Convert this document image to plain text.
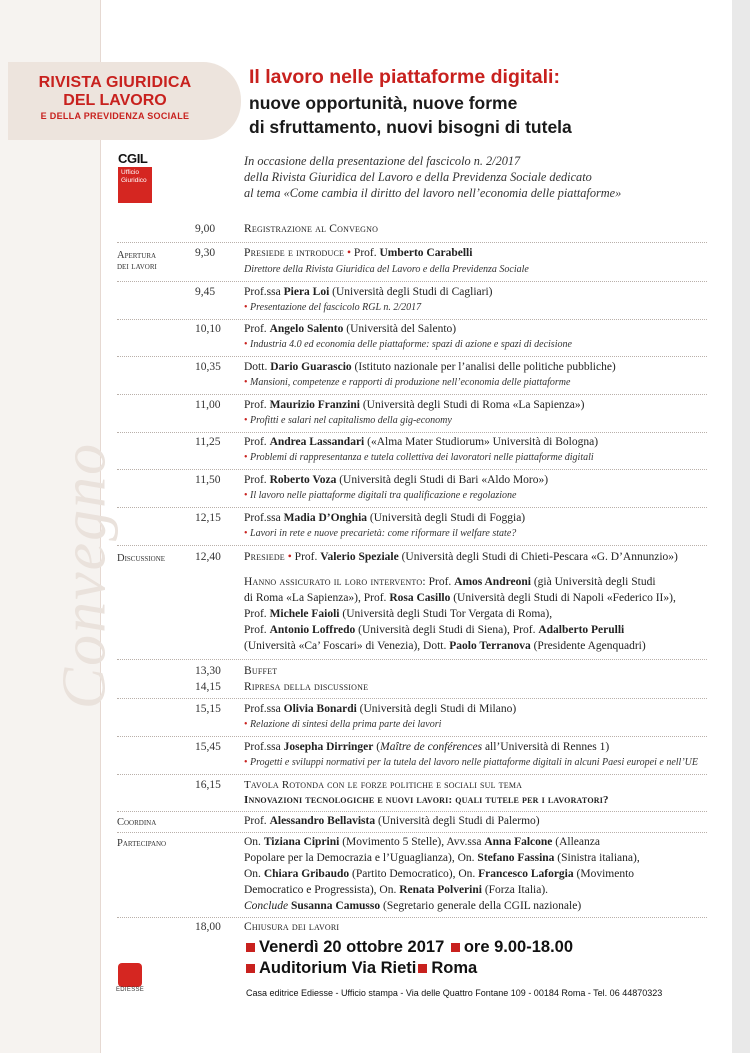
RIVISTA GIURIDICA
DEL LAVORO
E DELLA PREVIDENZA SOCIALE
Il lavoro nelle piattaforme digitali:
nuove opportunità, nuove forme
di sfruttamento, nuovi bisogni di tutela
CGIL
Ufficio
Giuridico
In occasione della presentazione del fascicolo n. 2/2017
della Rivista Giuridica del Lavoro e della Previdenza Sociale dedicato
al tema «Come cambia il diritto del lavoro nell’economia delle piattaforme»
Convegno
9,00	Registrazione al Convegno
Apertura
dei lavori
9,30	Presiede e introduce • Prof. Umberto Carabelli
Direttore della Rivista Giuridica del Lavoro e della Previdenza Sociale
9,45	Prof.ssa Piera Loi (Università degli Studi di Cagliari)
• Presentazione del fascicolo RGL n. 2/2017
10,10 Prof. Angelo Salento (Università del Salento)
• Industria 4.0 ed economia delle piattaforme: spazi di azione e spazi di decisione
10,35 Dott. Dario Guarascio (Istituto nazionale per l’analisi delle politiche pubbliche)
• Mansioni, competenze e rapporti di produzione nell’economia delle piattaforme
11,00 Prof. Maurizio Franzini (Università degli Studi di Roma «La Sapienza»)
• Profitti e salari nel capitalismo della gig-economy
11,25 Prof. Andrea Lassandari («Alma Mater Studiorum» Università di Bologna)
• Problemi di rappresentanza e tutela collettiva dei lavoratori nelle piattaforme digitali
11,50 Prof. Roberto Voza (Università degli Studi di Bari «Aldo Moro»)
• Il lavoro nelle piattaforme digitali tra qualificazione e regolazione
12,15 Prof.ssa Madia D’Onghia (Università degli Studi di Foggia)
• Lavori in rete e nuove precarietà: come riformare il welfare state?
Discussione	12,40 Presiede • Prof. Valerio Speziale (Università degli Studi di Chieti-Pescara «G. D’Annunzio»)
Hanno assicurato il loro intervento: Prof. Amos Andreoni (già Università degli Studi
di Roma «La Sapienza»), Prof. Rosa Casillo (Università degli Studi di Napoli «Federico II»),
Prof. Michele Faioli (Università degli Studi Tor Vergata di Roma),
Prof. Antonio Loffredo (Università degli Studi di Siena), Prof. Adalberto Perulli
(Università «Ca’ Foscari» di Venezia), Dott. Paolo Terranova (Presidente Agenquadri)
13,30 Buffet
14,15 Ripresa della discussione
15,15 Prof.ssa Olivia Bonardi (Università degli Studi di Milano)
• Relazione di sintesi della prima parte dei lavori
15,45 Prof.ssa Josepha Dirringer (Maître de conférences all’Università di Rennes 1)
• Progetti e sviluppi normativi per la tutela del lavoro nelle piattaforme digitali in alcuni Paesi europei e nell’UE
16,15 Tavola Rotonda con le forze politiche e sociali sul tema
Innovazioni tecnologiche e nuovi lavori: quali tutele per i lavoratori?
Coordina	Prof. Alessandro Bellavista (Università degli Studi di Palermo)
Partecipano	On. Tiziana Ciprini (Movimento 5 Stelle), Avv.ssa Anna Falcone (Alleanza
Popolare per la Democrazia e l’Uguaglianza), On. Stefano Fassina (Sinistra italiana),
On. Chiara Gribaudo (Partito Democratico), On. Francesco Laforgia (Movimento
Democratico e Progressista), On. Renata Polverini (Forza Italia).
Conclude Susanna Camusso (Segretario generale della CGIL nazionale)
18,00 Chiusura dei lavori
Venerdì 20 ottobre 2017 ore 9.00-18.00
Auditorium Via Rieti Roma
Casa editrice Ediesse - Ufficio stampa - Via delle Quattro Fontane 109 - 00184 Roma - Tel. 06 44870323
EDIESSE
